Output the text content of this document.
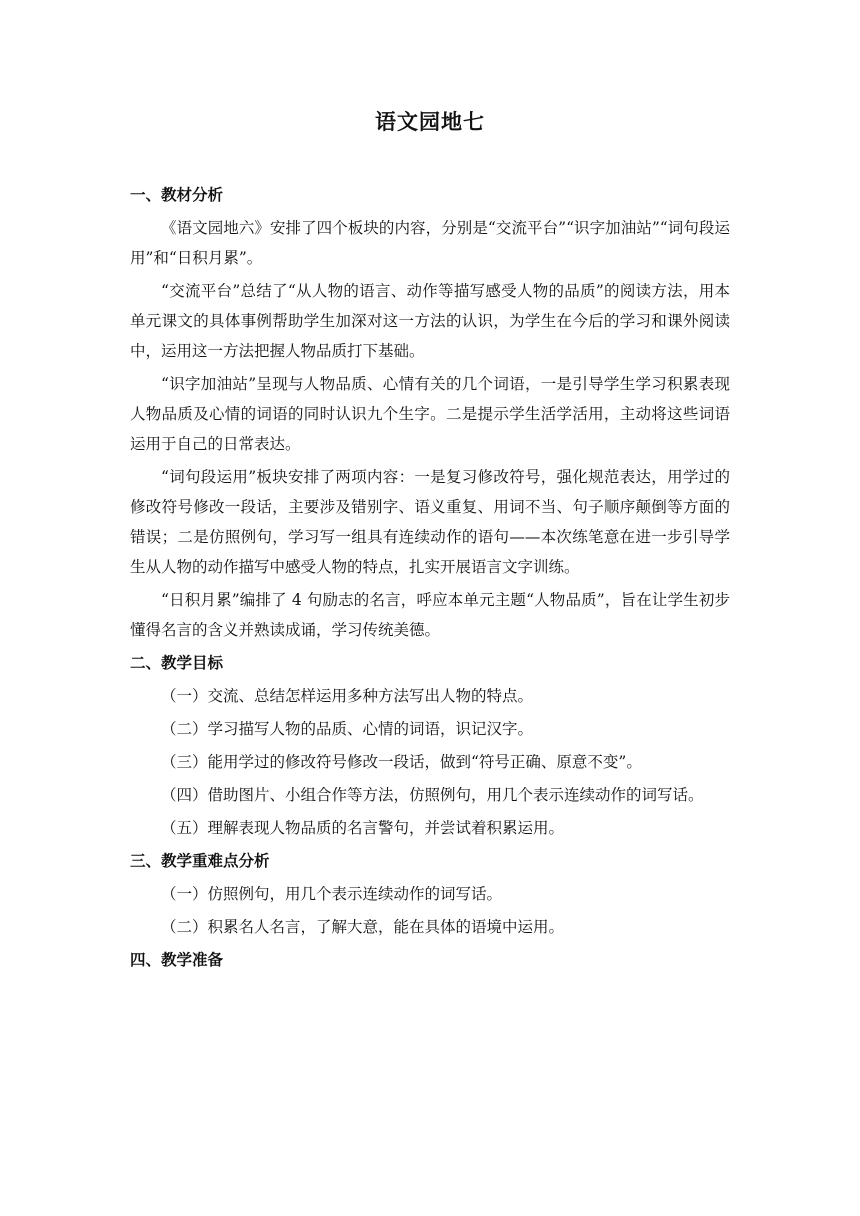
语文园地七
一、教材分析
《语文园地六》安排了四个板块的内容，分别是“交流平台”“识字加油站”“词句段运用”和“日积月累”。
“交流平台”总结了“从人物的语言、动作等描写感受人物的品质”的阅读方法，用本单元课文的具体事例帮助学生加深对这一方法的认识，为学生在今后的学习和课外阅读中，运用这一方法把握人物品质打下基础。
“识字加油站”呈现与人物品质、心情有关的几个词语，一是引导学生学习积累表现人物品质及心情的词语的同时认识九个生字。二是提示学生活学活用，主动将这些词语运用于自己的日常表达。
“词句段运用”板块安排了两项内容：一是复习修改符号，强化规范表达，用学过的修改符号修改一段话，主要涉及错别字、语义重复、用词不当、句子顺序颠倒等方面的错误；二是仿照例句，学习写一组具有连续动作的语句——本次练笔意在进一步引导学生从人物的动作描写中感受人物的特点，扎实开展语言文字训练。
“日积月累”编排了 4 句励志的名言，呼应本单元主题“人物品质”，旨在让学生初步懂得名言的含义并熟读成诵，学习传统美德。
二、教学目标
（一）交流、总结怎样运用多种方法写出人物的特点。
（二）学习描写人物的品质、心情的词语，识记汉字。
（三）能用学过的修改符号修改一段话，做到“符号正确、原意不变”。
（四）借助图片、小组合作等方法，仿照例句，用几个表示连续动作的词写话。
（五）理解表现人物品质的名言警句，并尝试着积累运用。
三、教学重难点分析
（一）仿照例句，用几个表示连续动作的词写话。
（二）积累名人名言，了解大意，能在具体的语境中运用。
四、教学准备
